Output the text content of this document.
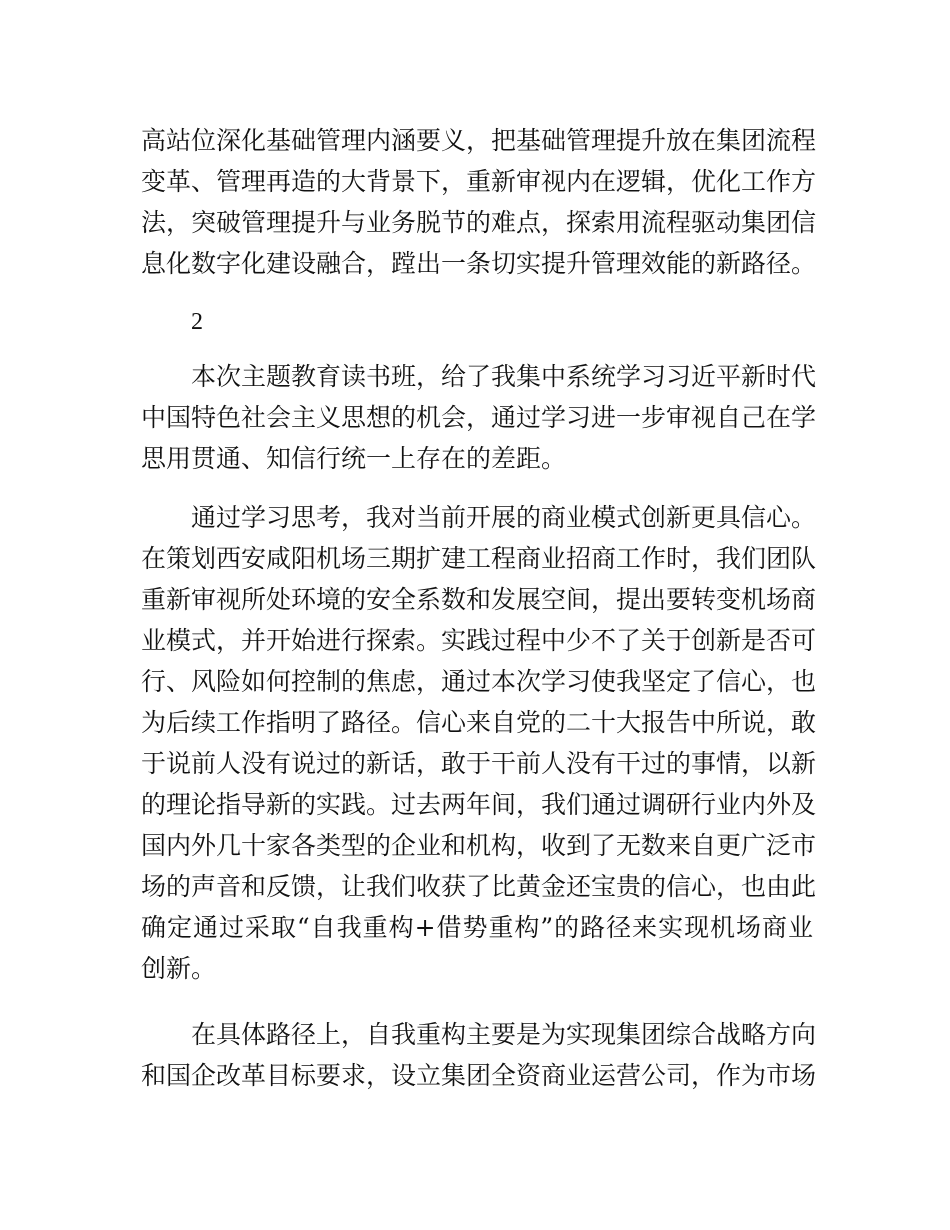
高站位深化基础管理内涵要义，把基础管理提升放在集团流程
变革、管理再造的大背景下，重新审视内在逻辑，优化工作方
法，突破管理提升与业务脱节的难点，探索用流程驱动集团信
息化数字化建设融合，蹚出一条切实提升管理效能的新路径。
2
本次主题教育读书班，给了我集中系统学习习近平新时代
中国特色社会主义思想的机会，通过学习进一步审视自己在学
思用贯通、知信行统一上存在的差距。
通过学习思考，我对当前开展的商业模式创新更具信心。
在策划西安咸阳机场三期扩建工程商业招商工作时，我们团队
重新审视所处环境的安全系数和发展空间，提出要转变机场商
业模式，并开始进行探索。实践过程中少不了关于创新是否可
行、风险如何控制的焦虑，通过本次学习使我坚定了信心，也
为后续工作指明了路径。信心来自党的二十大报告中所说，敢
于说前人没有说过的新话，敢于干前人没有干过的事情，以新
的理论指导新的实践。过去两年间，我们通过调研行业内外及
国内外几十家各类型的企业和机构，收到了无数来自更广泛市
场的声音和反馈，让我们收获了比黄金还宝贵的信心，也由此
确定通过采取“自我重构+借势重构”的路径来实现机场商业
创新。
在具体路径上，自我重构主要是为实现集团综合战略方向
和国企改革目标要求，设立集团全资商业运营公司，作为市场
